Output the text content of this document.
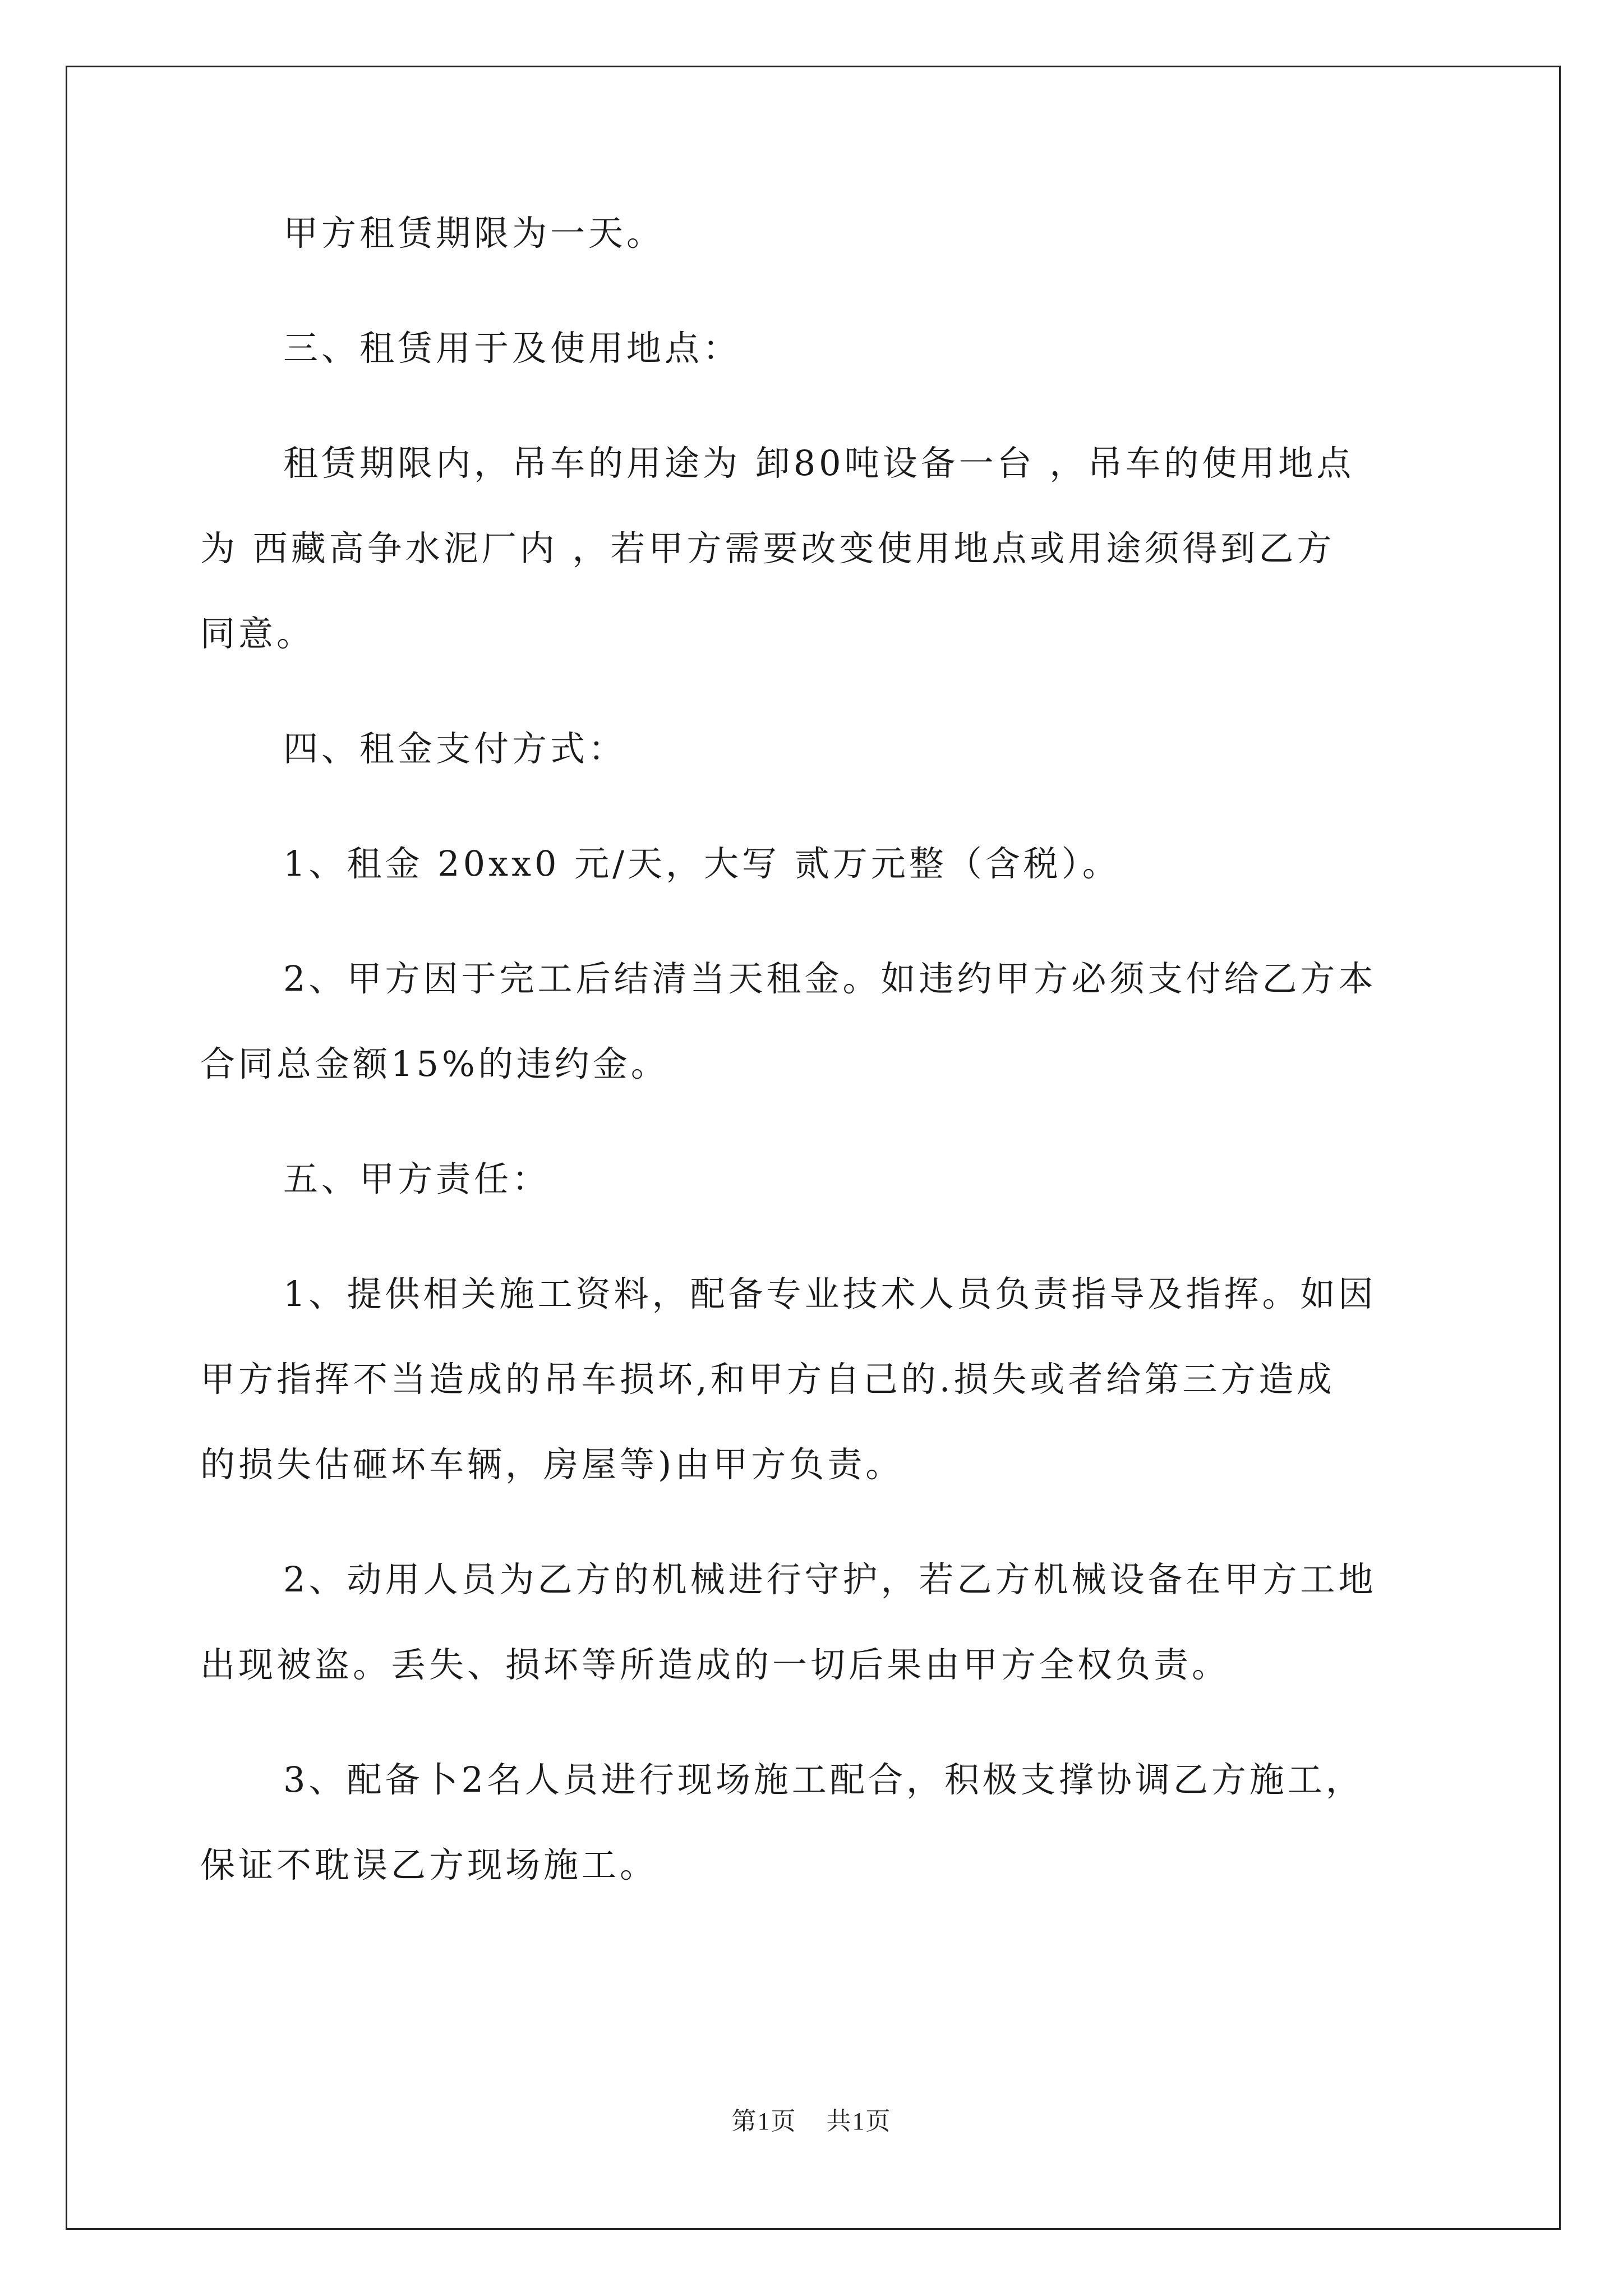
甲方租赁期限为一天。

三、租赁用于及使用地点：

租赁期限内，吊车的用途为 卸80吨设备一台 ，吊车的使用地点
为 西藏高争水泥厂内 ，若甲方需要改变使用地点或用途须得到乙方
同意。

四、租金支付方式：

1、租金 20xx0 元/天，大写 贰万元整（含税）。

2、甲方因于完工后结清当天租金。如违约甲方必须支付给乙方本
合同总金额15%的违约金。

五、甲方责任：

1、提供相关施工资料，配备专业技术人员负责指导及指挥。如因
甲方指挥不当造成的吊车损坏,和甲方自己的.损失或者给第三方造成
的损失估砸坏车辆，房屋等)由甲方负责。

2、动用人员为乙方的机械进行守护，若乙方机械设备在甲方工地
出现被盗。丢失、损坏等所造成的一切后果由甲方全权负责。

3、配备卜2名人员进行现场施工配合，积极支撑协调乙方施工，
保证不耽误乙方现场施工。

第1页 共1页
